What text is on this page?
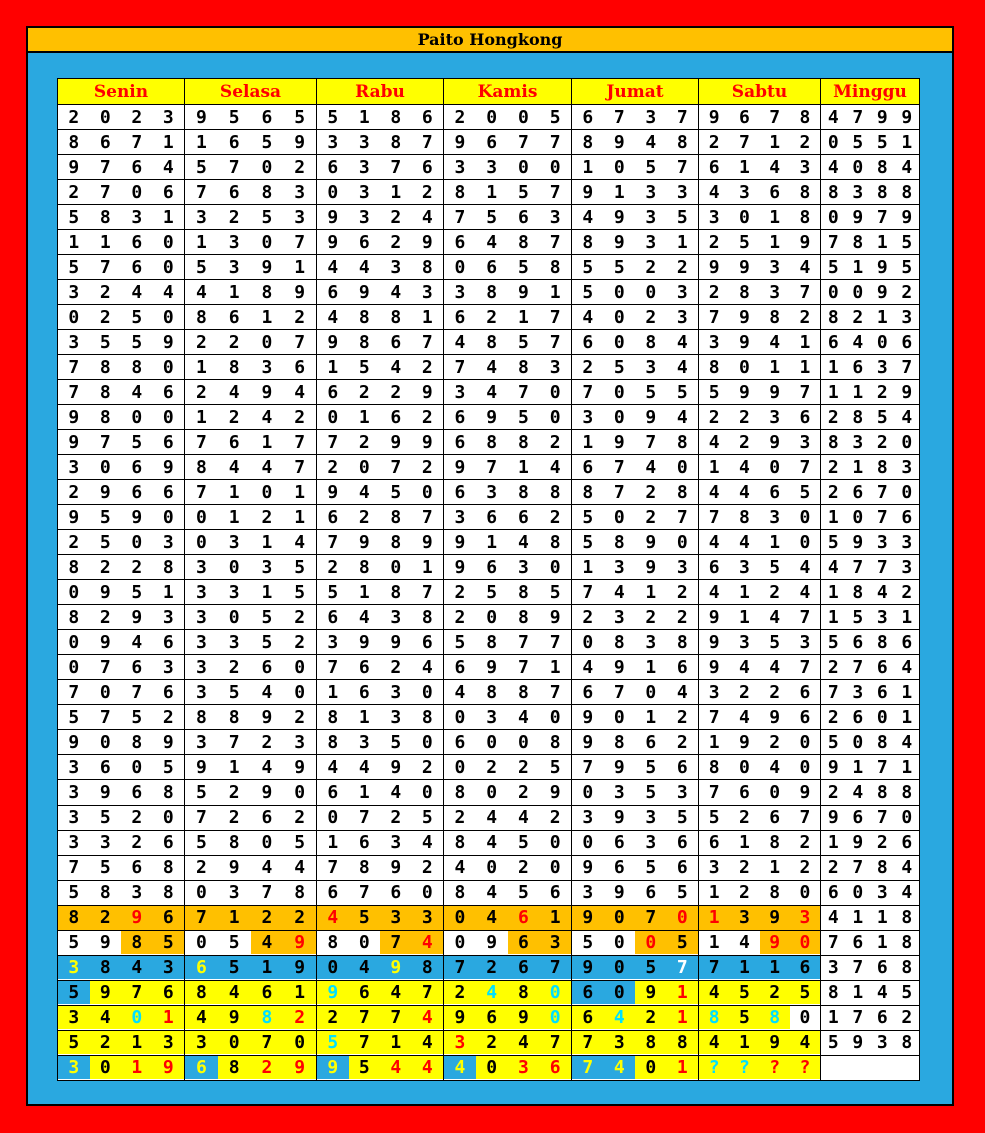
Paito Hongkong
Senin	Selasa	Rabu	Kamis	Jumat	Sabtu	Minggu

2 0 2 3	9 5 6 5	5 1 8 6	2 0 0 5	6 7 3 7	9 6 7 8	4 7 9 9

8 6 7 1	1 6 5 9	3 3 8 7	9 6 7 7	8 9 4 8	2 7 1 2	0 5 5 1

9 7 6 4	5 7 0 2	6 3 7 6	3 3 0 0	1 0 5 7	6 1 4 3	4 0 8 4

2 7 0 6	7 6 8 3	0 3 1 2	8 1 5 7	9 1 3 3	4 3 6 8	8 3 8 8

5 8 3 1	3 2 5 3	9 3 2 4	7 5 6 3	4 9 3 5	3 0 1 8	0 9 7 9

1 1 6 0	1 3 0 7	9 6 2 9	6 4 8 7	8 9 3 1	2 5 1 9	7 8 1 5

5 7 6 0	5 3 9 1	4 4 3 8	0 6 5 8	5 5 2 2	9 9 3 4	5 1 9 5

3 2 4 4	4 1 8 9	6 9 4 3	3 8 9 1	5 0 0 3	2 8 3 7	0 0 9 2

0 2 5 0	8 6 1 2	4 8 8 1	6 2 1 7	4 0 2 3	7 9 8 2	8 2 1 3

3 5 5 9	2 2 0 7	9 8 6 7	4 8 5 7	6 0 8 4	3 9 4 1	6 4 0 6

7 8 8 0	1 8 3 6	1 5 4 2	7 4 8 3	2 5 3 4	8 0 1 1	1 6 3 7

7 8 4 6	2 4 9 4	6 2 2 9	3 4 7 0	7 0 5 5	5 9 9 7	1 1 2 9

9 8 0 0	1 2 4 2	0 1 6 2	6 9 5 0	3 0 9 4	2 2 3 6	2 8 5 4

9 7 5 6	7 6 1 7	7 2 9 9	6 8 8 2	1 9 7 8	4 2 9 3	8 3 2 0

3 0 6 9	8 4 4 7	2 0 7 2	9 7 1 4	6 7 4 0	1 4 0 7	2 1 8 3

2 9 6 6	7 1 0 1	9 4 5 0	6 3 8 8	8 7 2 8	4 4 6 5	2 6 7 0

9 5 9 0	0 1 2 1	6 2 8 7	3 6 6 2	5 0 2 7	7 8 3 0	1 0 7 6

2 5 0 3	0 3 1 4	7 9 8 9	9 1 4 8	5 8 9 0	4 4 1 0	5 9 3 3

8 2 2 8	3 0 3 5	2 8 0 1	9 6 3 0	1 3 9 3	6 3 5 4	4 7 7 3

0 9 5 1	3 3 1 5	5 1 8 7	2 5 8 5	7 4 1 2	4 1 2 4	1 8 4 2

8 2 9 3	3 0 5 2	6 4 3 8	2 0 8 9	2 3 2 2	9 1 4 7	1 5 3 1

0 9 4 6	3 3 5 2	3 9 9 6	5 8 7 7	0 8 3 8	9 3 5 3	5 6 8 6

0 7 6 3	3 2 6 0	7 6 2 4	6 9 7 1	4 9 1 6	9 4 4 7	2 7 6 4

7 0 7 6	3 5 4 0	1 6 3 0	4 8 8 7	6 7 0 4	3 2 2 6	7 3 6 1

5 7 5 2	8 8 9 2	8 1 3 8	0 3 4 0	9 0 1 2	7 4 9 6	2 6 0 1

9 0 8 9	3 7 2 3	8 3 5 0	6 0 0 8	9 8 6 2	1 9 2 0	5 0 8 4

3 6 0 5	9 1 4 9	4 4 9 2	0 2 2 5	7 9 5 6	8 0 4 0	9 1 7 1

3 9 6 8	5 2 9 0	6 1 4 0	8 0 2 9	0 3 5 3	7 6 0 9	2 4 8 8

3 5 2 0	7 2 6 2	0 7 2 5	2 4 4 2	3 9 3 5	5 2 6 7	9 6 7 0

3 3 2 6	5 8 0 5	1 6 3 4	8 4 5 0	0 6 3 6	6 1 8 2	1 9 2 6

7 5 6 8	2 9 4 4	7 8 9 2	4 0 2 0	9 6 5 6	3 2 1 2	2 7 8 4

5 8 3 8	0 3 7 8	6 7 6 0	8 4 5 6	3 9 6 5	1 2 8 0	6 0 3 4

8 2 9 6	7 1 2 2	4 5 3 3	0 4 6 1	9 0 7 0	1 3 9 3	4 1 1 8

5 9 8 5	0 5 4 9	8 0 7 4	0 9 6 3	5 0 0 5	1 4 9 0	7 6 1 8

3 8 4 3	6 5 1 9	0 4 9 8	7 2 6 7	9 0 5 7	7 1 1 6	3 7 6 8

5 9 7 6	8 4 6 1	9 6 4 7	2 4 8 0	6 0 9 1	4 5 2 5	8 1 4 5

3 4 0 1	4 9 8 2	2 7 7 4	9 6 9 0	6 4 2 1	8 5 8 0	1 7 6 2

5 2 1 3	3 0 7 0	5 7 1 4	3 2 4 7	7 3 8 8	4 1 9 4	5 9 3 8

3 0 1 9	6 8 2 9	9 5 4 4	4 0 3 6	7 4 0 1	? ? ? ?	
